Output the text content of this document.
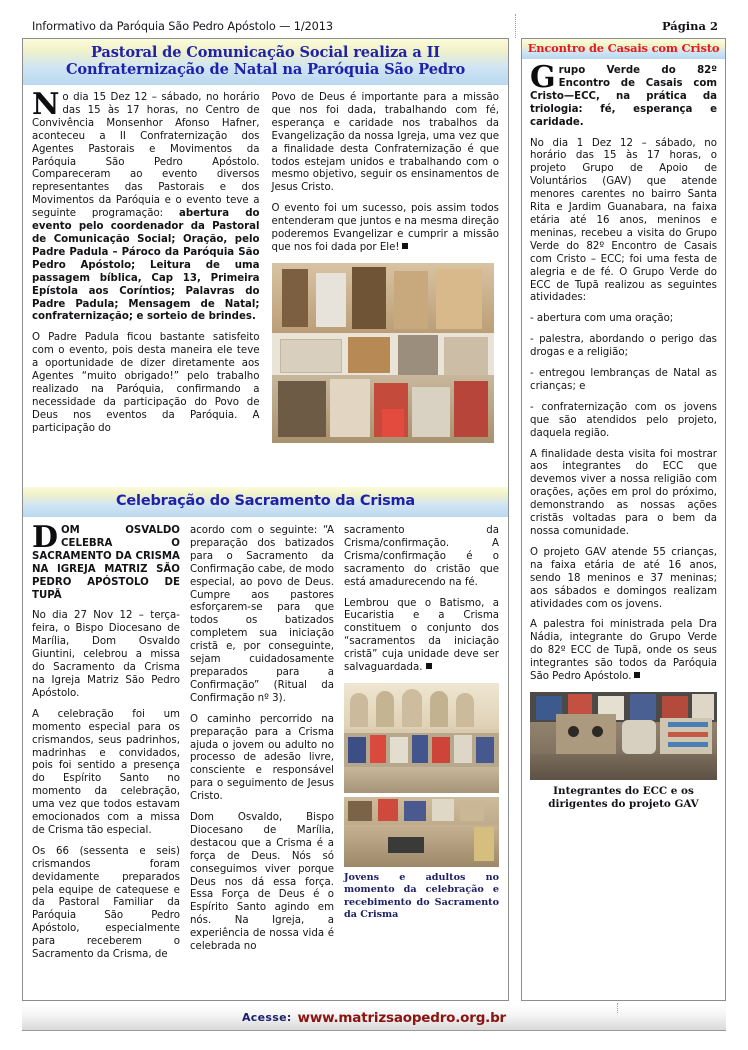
Informativo da Paróquia São Pedro Apóstolo — 1/2013	Página 2
Pastoral de Comunicação Social realiza a II Confraternização de Natal na Paróquia São Pedro

No dia 15 Dez 12 – sábado, no horário das 15 às 17 horas, no Centro de Convivência Monsenhor Afonso Hafner, aconteceu a II Confraternização dos Agentes Pastorais e Movimentos da Paróquia São Pedro Apóstolo. Compareceram ao evento diversos representantes das Pastorais e dos Movimentos da Paróquia e o evento teve a seguinte programação: abertura do evento pelo coordenador da Pastoral de Comunicação Social; Oração, pelo Padre Padula – Pároco da Paróquia São Pedro Apóstolo; Leitura de uma passagem bíblica, Cap 13, Primeira Epístola aos Coríntios; Palavras do Padre Padula; Mensagem de Natal; confraternização; e sorteio de brindes.

O Padre Padula ficou bastante satisfeito com o evento, pois desta maneira ele teve a oportunidade de dizer diretamente aos Agentes “muito obrigado!” pelo trabalho realizado na Paróquia, confirmando a necessidade da participação do Povo de Deus nos eventos da Paróquia. A participação do

Povo de Deus é importante para a missão que nos foi dada, trabalhando com fé, esperança e caridade nos trabalhos da Evangelização da nossa Igreja, uma vez que a finalidade desta Confraternização é que todos estejam unidos e trabalhando com o mesmo objetivo, seguir os ensinamentos de Jesus Cristo.

O evento foi um sucesso, pois assim todos entenderam que juntos e na mesma direção poderemos Evangelizar e cumprir a missão que nos foi dada por Ele!

Celebração do Sacramento da Crisma

DOM OSVALDO CELEBRA O SACRAMENTO DA CRISMA NA IGREJA MATRIZ SÃO PEDRO APÓSTOLO DE TUPÃ

No dia 27 Nov 12 – terça-feira, o Bispo Diocesano de Marília, Dom Osvaldo Giuntini, celebrou a missa do Sacramento da Crisma na Igreja Matriz São Pedro Apóstolo.

A celebração foi um momento especial para os crismandos, seus padrinhos, madrinhas e convidados, pois foi sentido a presença do Espírito Santo no momento da celebração, uma vez que todos estavam emocionados com a missa de Crisma tão especial.

Os 66 (sessenta e seis) crismandos foram devidamente preparados pela equipe de catequese e da Pastoral Familiar da Paróquia São Pedro Apóstolo, especialmente para receberem o Sacramento da Crisma, de

acordo com o seguinte: “A preparação dos batizados para o Sacramento da Confirmação cabe, de modo especial, ao povo de Deus. Cumpre aos pastores esforçarem-se para que todos os batizados completem sua iniciação cristã e, por conseguinte, sejam cuidadosamente preparados para a Confirmação” (Ritual da Confirmação nº 3).

O caminho percorrido na preparação para a Crisma ajuda o jovem ou adulto no processo de adesão livre, consciente e responsável para o seguimento de Jesus Cristo.

Dom Osvaldo, Bispo Diocesano de Marília, destacou que a Crisma é a força de Deus. Nós só conseguimos viver porque Deus nos dá essa força. Essa Força de Deus é o Espírito Santo agindo em nós. Na Igreja, a experiência de nossa vida é celebrada no

sacramento da Crisma/confirmação. A Crisma/confirmação é o sacramento do cristão que está amadurecendo na fé.

Lembrou que o Batismo, a Eucaristia e a Crisma constituem o conjunto dos “sacramentos da iniciação cristã” cuja unidade deve ser salvaguardada.

Jovens e adultos no momento da celebração e recebimento do Sacramento da Crisma

Encontro de Casais com Cristo

Grupo Verde do 82º Encontro de Casais com Cristo—ECC, na prática da triologia: fé, esperança e caridade.

No dia 1 Dez 12 – sábado, no horário das 15 às 17 horas, o projeto Grupo de Apoio de Voluntários (GAV) que atende menores carentes no bairro Santa Rita e Jardim Guanabara, na faixa etária até 16 anos, meninos e meninas, recebeu a visita do Grupo Verde do 82º Encontro de Casais com Cristo – ECC; foi uma festa de alegria e de fé. O Grupo Verde do ECC de Tupã realizou as seguintes atividades:

- abertura com uma oração;

- palestra, abordando o perigo das drogas e a religião;

- entregou lembranças de Natal as crianças; e

- confraternização com os jovens que são atendidos pelo projeto, daquela região.

A finalidade desta visita foi mostrar aos integrantes do ECC que devemos viver a nossa religião com orações, ações em prol do próximo, demonstrando as nossas ações cristãs voltadas para o bem da nossa comunidade.

O projeto GAV atende 55 crianças, na faixa etária de até 16 anos, sendo 18 meninos e 37 meninas; aos sábados e domingos realizam atividades com os jovens.

A palestra foi ministrada pela Dra Nádia, integrante do Grupo Verde do 82º ECC de Tupã, onde os seus integrantes são todos da Paróquia São Pedro Apóstolo.

Integrantes do ECC e os dirigentes do projeto GAV

Acesse: www.matrizsaopedro.org.br
